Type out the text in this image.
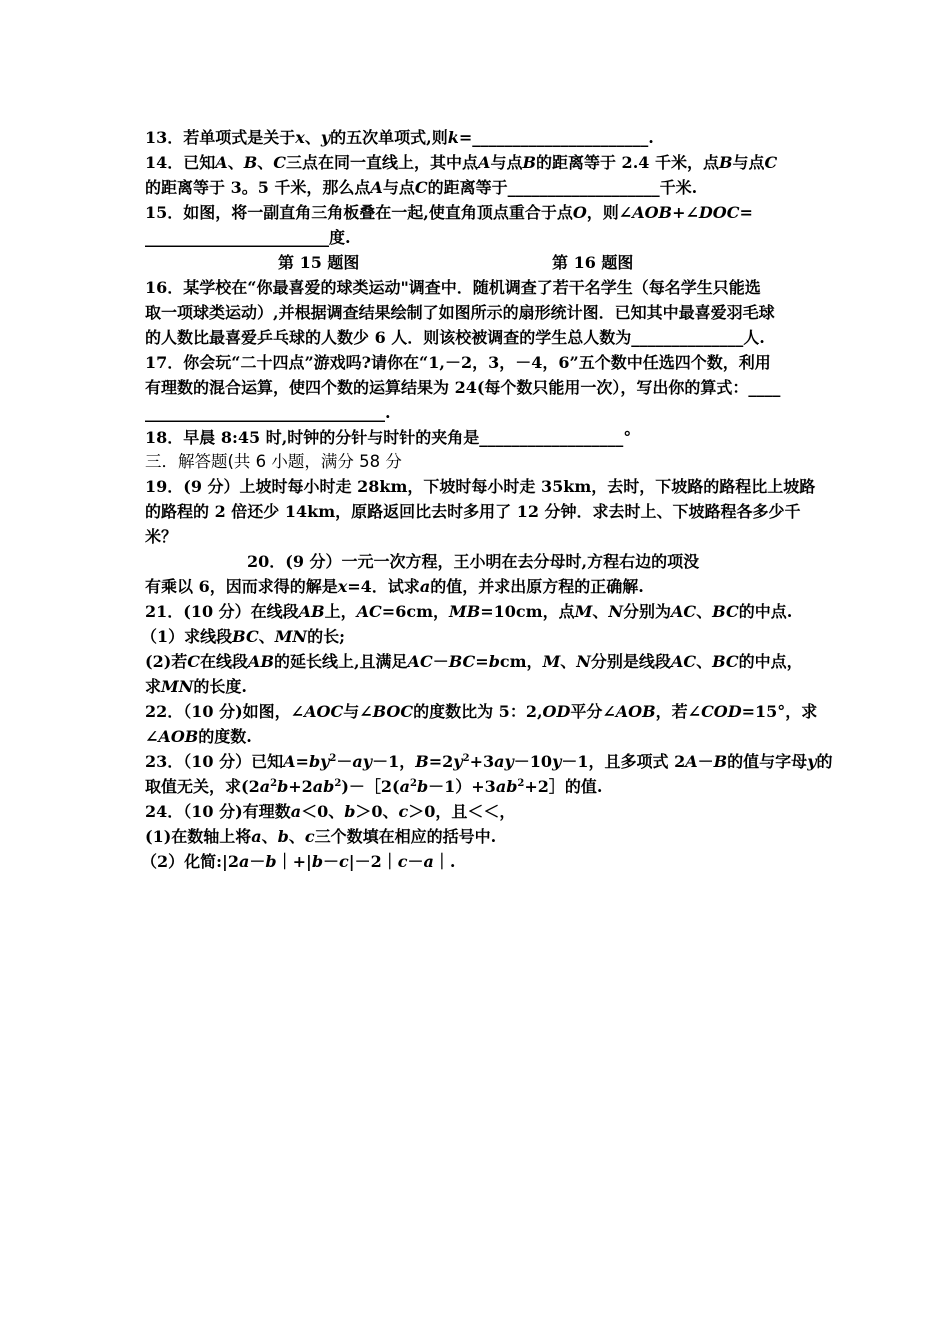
13．若单项式是关于x、y的五次单项式,则k=______________________.
14．已知A、B、C三点在同一直线上，其中点A与点B的距离等于 2.4 千米，点B与点C
的距离等于 3。5 千米，那么点A与点C的距离等于___________________千米.
15．如图，将一副直角三角板叠在一起,使直角顶点重合于点O，则∠AOB+∠DOC=
_______________________度.
第 15 题图	第 16 题图
16．某学校在“你最喜爱的球类运动"调查中．随机调查了若干名学生（每名学生只能选
取一项球类运动）,并根据调查结果绘制了如图所示的扇形统计图．已知其中最喜爱羽毛球
的人数比最喜爱乒乓球的人数少 6 人．则该校被调查的学生总人数为______________人.
17．你会玩“二十四点”游戏吗?请你在“1,－2，3，－4，6”五个数中任选四个数，利用
有理数的混合运算，使四个数的运算结果为 24(每个数只能用一次），写出你的算式：____
______________________________.
18．早晨 8:45 时,时钟的分针与时针的夹角是__________________°
三．解答题(共 6 小题，满分 58 分
19．(9 分）上坡时每小时走 28km，下坡时每小时走 35km，去时，下坡路的路程比上坡路
的路程的 2 倍还少 14km，原路返回比去时多用了 12 分钟．求去时上、下坡路程各多少千
米？
20．(9 分）一元一次方程，王小明在去分母时,方程右边的项没
有乘以 6，因而求得的解是x=4．试求a的值，并求出原方程的正确解.
21．(10 分）在线段AB上，AC=6cm，MB=10cm，点M、N分别为AC、BC的中点.
（1）求线段BC、MN的长;
(2)若C在线段AB的延长线上,且满足AC－BC=bcm，M、N分别是线段AC、BC的中点，
求MN的长度.
22．（10 分)如图，∠AOC与∠BOC的度数比为 5：2,OD平分∠AOB，若∠COD=15°，求
∠AOB的度数.
23．（10 分）已知$A=by^2-ay-1$，$B=2y^2+3ay-10y-1$，且多项式 2A－B的值与字母y的
取值无关，求$(2a^2b+2ab^2)-[2(a^2b-1)+3ab^2+2]$的值.
24．（10 分)有理数a＜0、b＞0、c＞0，且＜＜，
(1)在数轴上将a、b、c三个数填在相应的括号中.
（2）化简:|2a－b｜+|b－c|－2｜c－a｜.
